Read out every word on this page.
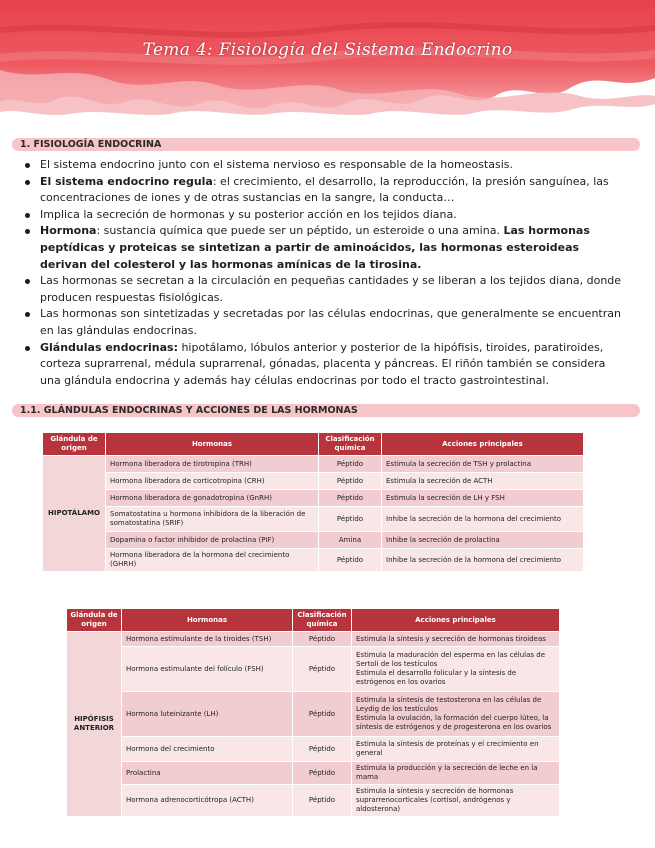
Tema 4: Fisiología del Sistema Endocrino
1. FISIOLOGÍA ENDOCRINA
El sistema endocrino junto con el sistema nervioso es responsable de la homeostasis.
El sistema endocrino regula: el crecimiento, el desarrollo, la reproducción, la presión sanguínea, las concentraciones de iones y de otras sustancias en la sangre, la conducta…
Implica la secreción de hormonas y su posterior acción en los tejidos diana.
Hormona: sustancia química que puede ser un péptido, un esteroide o una amina. Las hormonas peptídicas y proteicas se sintetizan a partir de aminoácidos, las hormonas esteroideas derivan del colesterol y las hormonas amínicas de la tirosina.
Las hormonas se secretan a la circulación en pequeñas cantidades y se liberan a los tejidos diana, donde producen respuestas fisiológicas.
Las hormonas son sintetizadas y secretadas por las células endocrinas, que generalmente se encuentran en las glándulas endocrinas.
Glándulas endocrinas: hipotálamo, lóbulos anterior y posterior de la hipófisis, tiroides, paratiroides, corteza suprarrenal, médula suprarrenal, gónadas, placenta y páncreas. El riñón también se considera una glándula endocrina y además hay células endocrinas por todo el tracto gastrointestinal.
1.1. GLÁNDULAS ENDOCRINAS Y ACCIONES DE LAS HORMONAS
Glándula de origen	Hormonas	Clasificación química	Acciones principales
HIPOTÁLAMO	Hormona liberadora de tirotropina (TRH)	Péptido	Estimula la secreción de TSH y prolactina
	Hormona liberadora de corticotropina (CRH)	Péptido	Estimula la secreción de ACTH
	Hormona liberadora de gonadotropina (GnRH)	Péptido	Estimula la secreción de LH y FSH
	Somatostatina u hormona inhibidora de la liberación de somatostatina (SRIF)	Péptido	Inhibe la secreción de la hormona del crecimiento
	Dopamina o factor inhibidor de prolactina (PIF)	Amina	Inhibe la secreción de prolactina
	Hormona liberadora de la hormona del crecimiento (GHRH)	Péptido	Inhibe la secreción de la hormona del crecimiento
Glándula de origen	Hormonas	Clasificación química	Acciones principales
HIPÓFISIS ANTERIOR	Hormona estimulante de la tiroides (TSH)	Péptido	Estimula la síntesis y secreción de hormonas tiroideas
	Hormona estimulante del folículo (FSH)	Péptido	Estimula la maduración del esperma en las células de Sertoli de los testículos
Estimula el desarrollo folicular y la síntesis de estrógenos en los ovarios
	Hormona luteinizante (LH)	Péptido	Estimula la síntesis de testosterona en las células de Leydig de los testículos
Estimula la ovulación, la formación del cuerpo lúteo, la síntesis de estrógenos y de progesterona en los ovarios
	Hormona del crecimiento	Péptido	Estimula la síntesis de proteínas y el crecimiento en general
	Prolactina	Péptido	Estimula la producción y la secreción de leche en la mama
	Hormona adrenocorticótropa (ACTH)	Péptido	Estimula la síntesis y secreción de hormonas suprarrenocorticales (cortisol, andrógenos y aldosterona)
